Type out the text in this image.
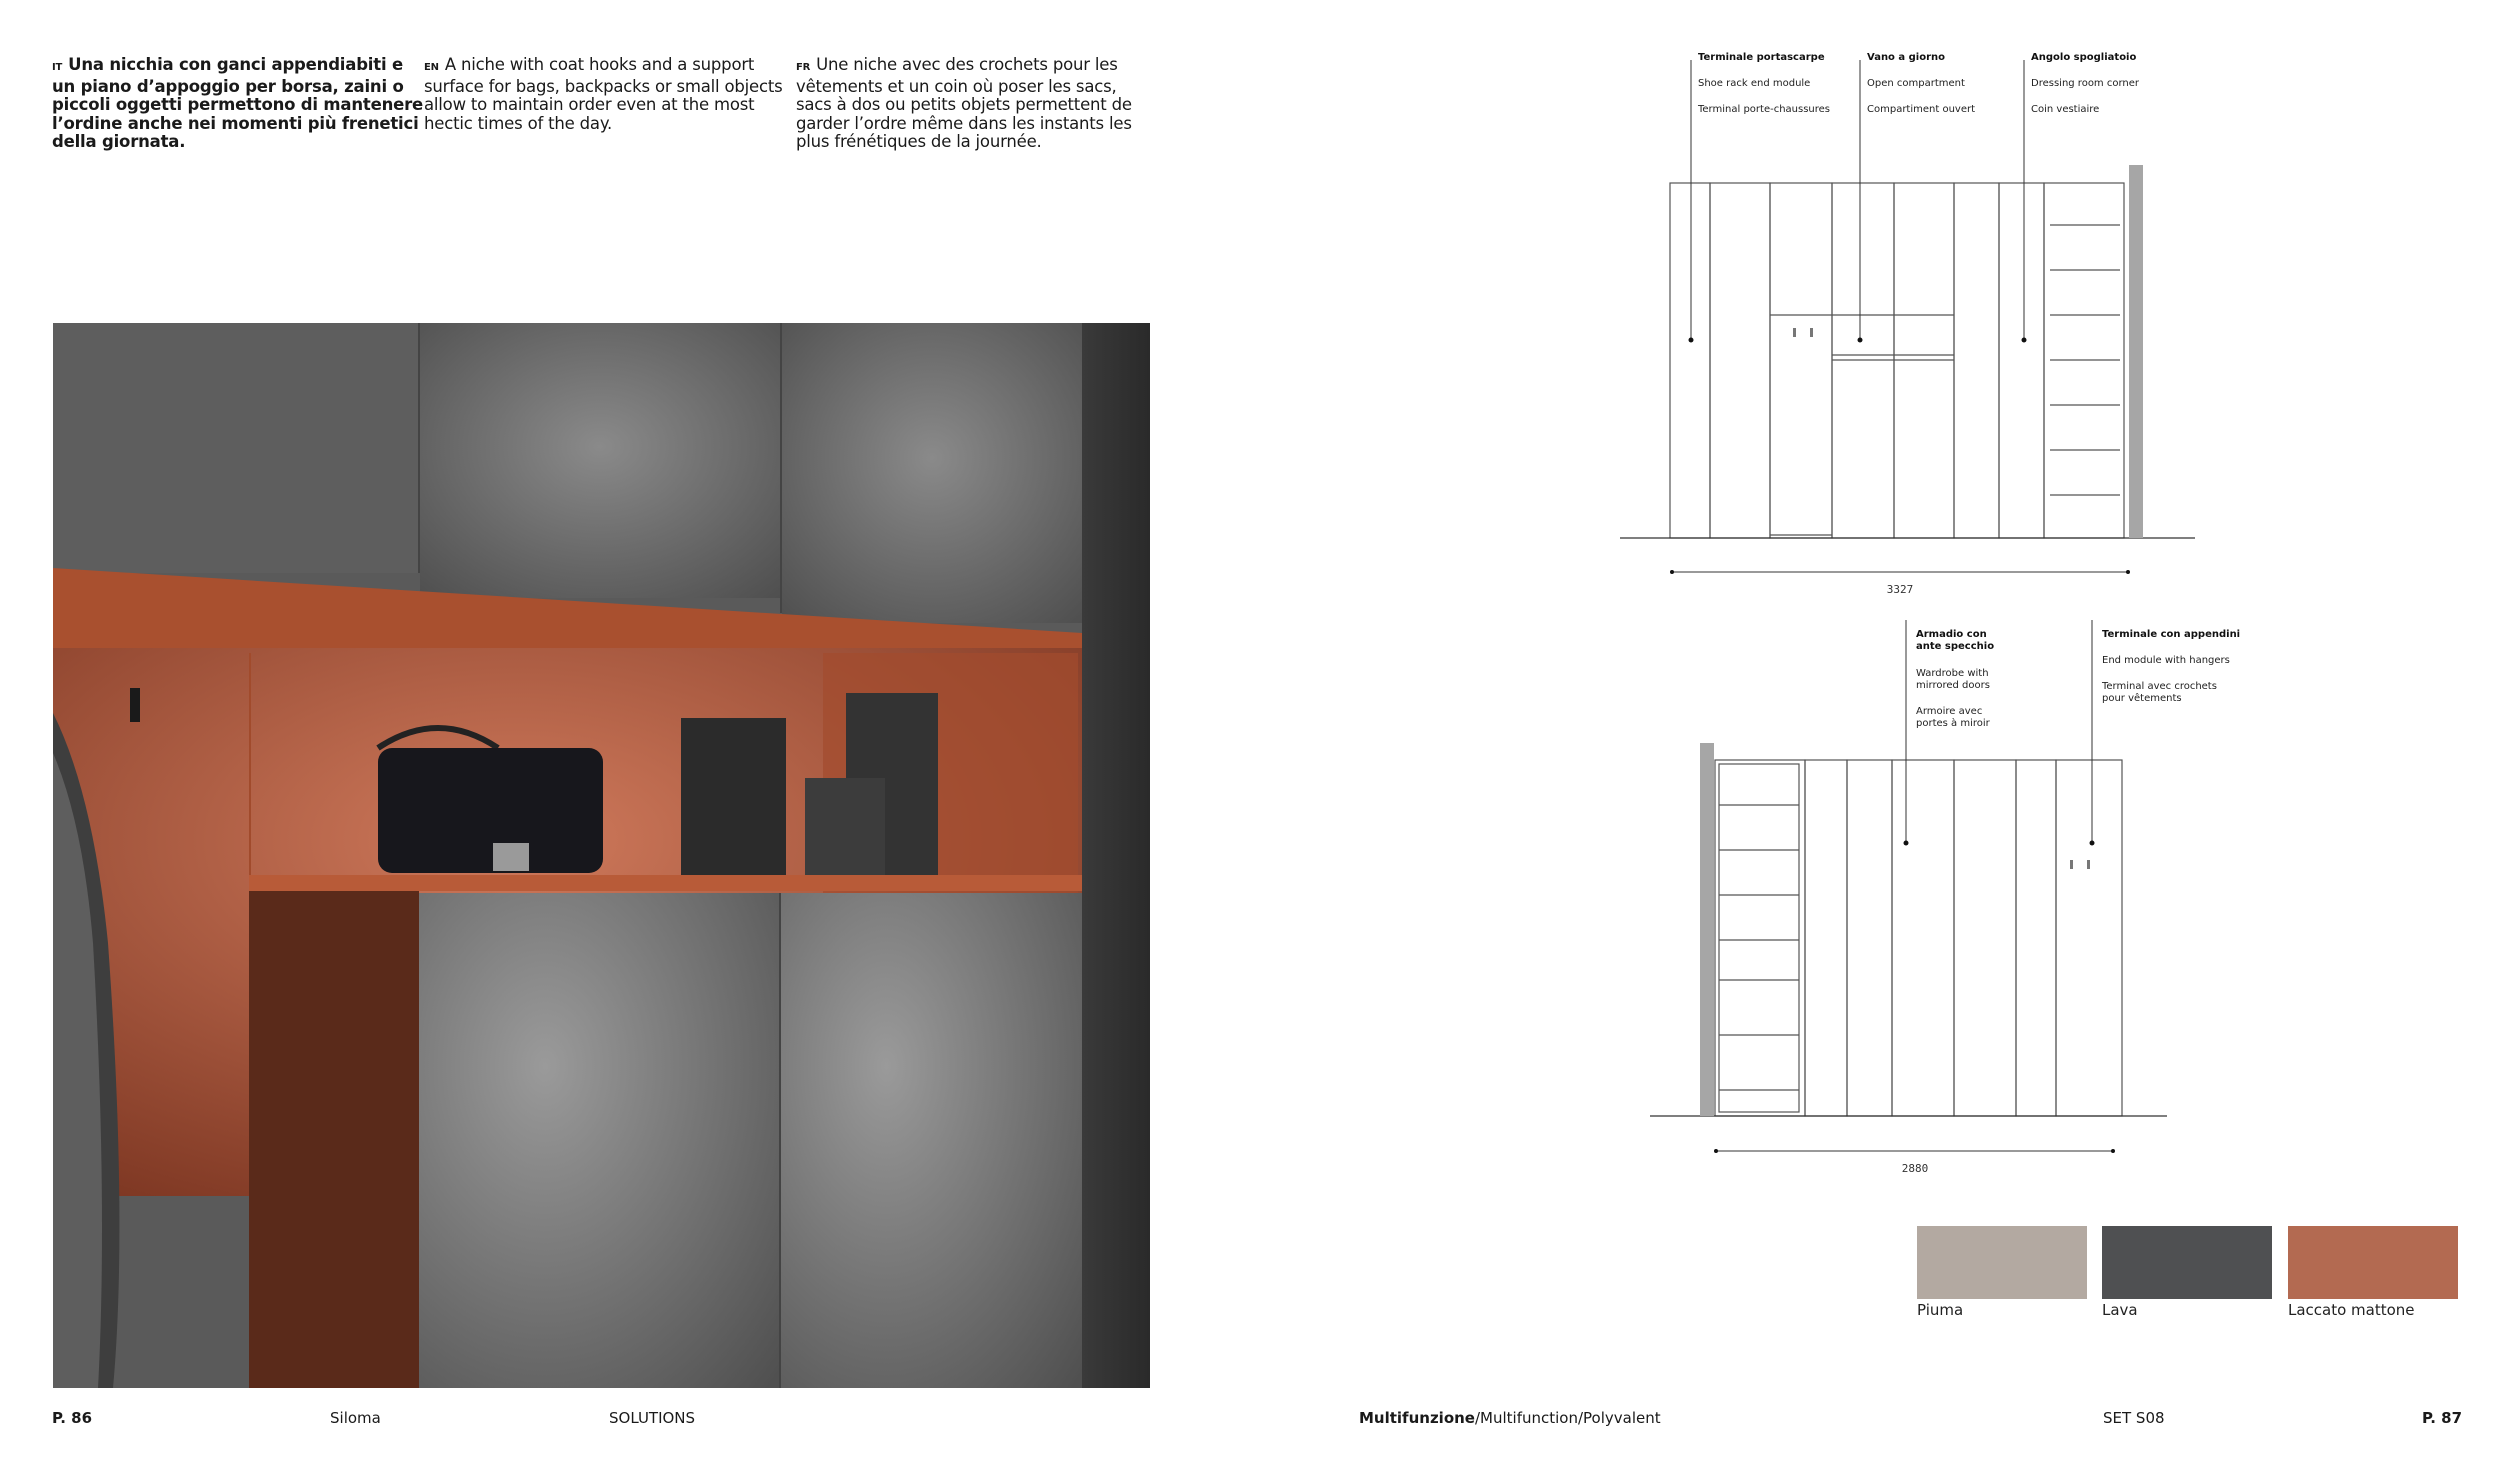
IT Una nicchia con ganci appendiabiti e un piano d’appoggio per borsa, zaini o piccoli oggetti permettono di mantenere l’ordine anche nei momenti più frenetici della giornata.
EN A niche with coat hooks and a support surface for bags, backpacks or small objects allow to maintain order even at the most hectic times of the day.
FR Une niche avec des crochets pour les vêtements et un coin où poser les sacs, sacs à dos ou petits objets permettent de garder l’ordre même dans les instants les plus frénétiques de la journée.
Terminale portascarpe
Shoe rack end module
Terminal porte-chaussures
Vano a giorno
Open compartment
Compartiment ouvert
Angolo spogliatoio
Dressing room corner
Coin vestiaire
3327
Armadio con ante specchio
Wardrobe with mirrored doors
Armoire avec portes à miroir
Terminale con appendini
End module with hangers
Terminal avec crochets pour vêtements
2880
Piuma	Lava	Laccato mattone
P. 86	Siloma	SOLUTIONS	Multifunzione/Multifunction/Polyvalent	SET S08	P. 87
